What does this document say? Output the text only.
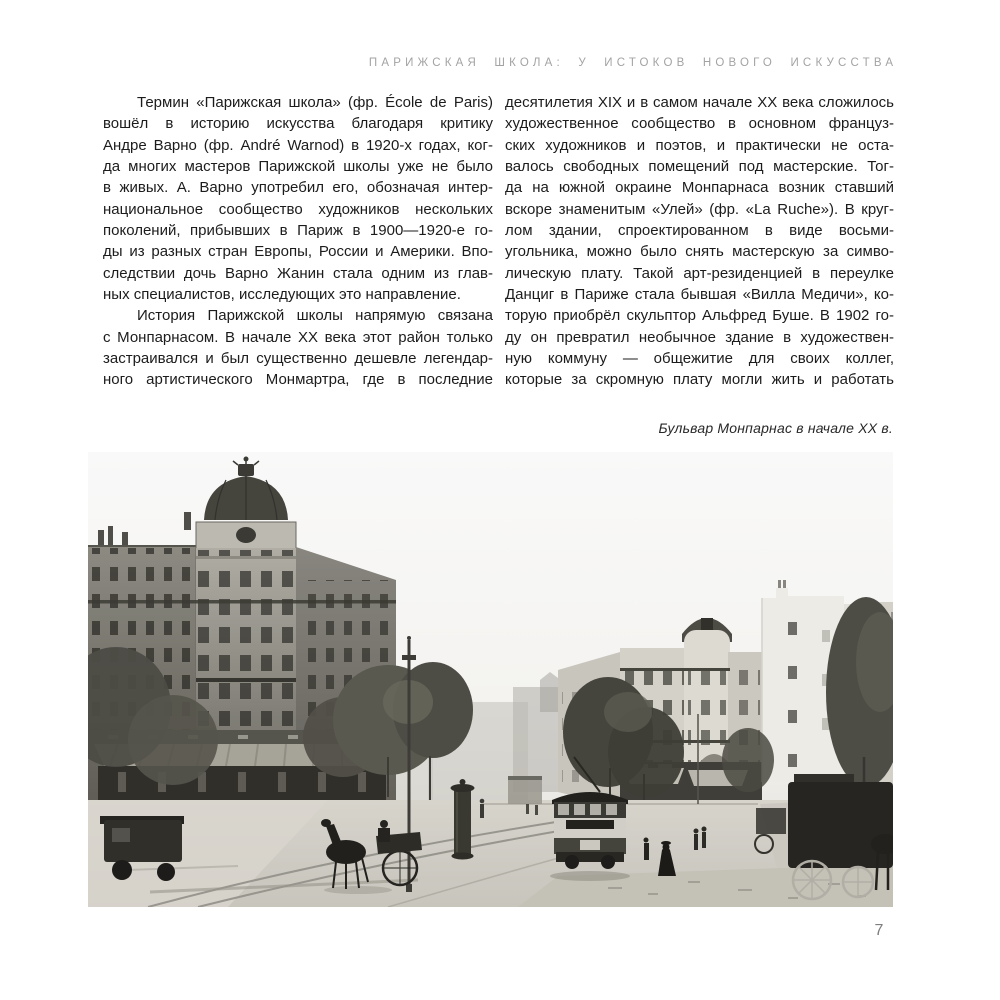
ПАРИЖСКАЯ ШКОЛА: У ИСТОКОВ НОВОГО ИСКУССТВА
Термин «Парижская школа» (фр. École de Paris)
вошёл в историю искусства благодаря критику
Андре Варно (фр. André Warnod) в 1920-х годах, ког-
да многих мастеров Парижской школы уже не было
в живых. А. Варно употребил его, обозначая интер-
национальное сообщество художников нескольких
поколений, прибывших в Париж в 1900—1920-е го-
ды из разных стран Европы, России и Америки. Впо-
следствии дочь Варно Жанин стала одним из глав-
ных специалистов, исследующих это направление.
История Парижской школы напрямую связана
с Монпарнасом. В начале XX века этот район только
застраивался и был существенно дешевле легендар-
ного артистического Монмартра, где в последние
десятилетия XIX и в самом начале XX века сложилось
художественное сообщество в основном француз-
ских художников и поэтов, и практически не оста-
валось свободных помещений под мастерские. Тог-
да на южной окраине Монпарнаса возник ставший
вскоре знаменитым «Улей» (фр. «La Ruche»). В круг-
лом здании, спроектированном в виде восьми-
угольника, можно было снять мастерскую за симво-
лическую плату. Такой арт-резиденцией в переулке
Данциг в Париже стала бывшая «Вилла Медичи», ко-
торую приобрёл скульптор Альфред Буше. В 1902 го-
ду он превратил необычное здание в художествен-
ную коммуну — общежитие для своих коллег,
которые за скромную плату могли жить и работать
Бульвар Монпарнас в начале XX в.
7
